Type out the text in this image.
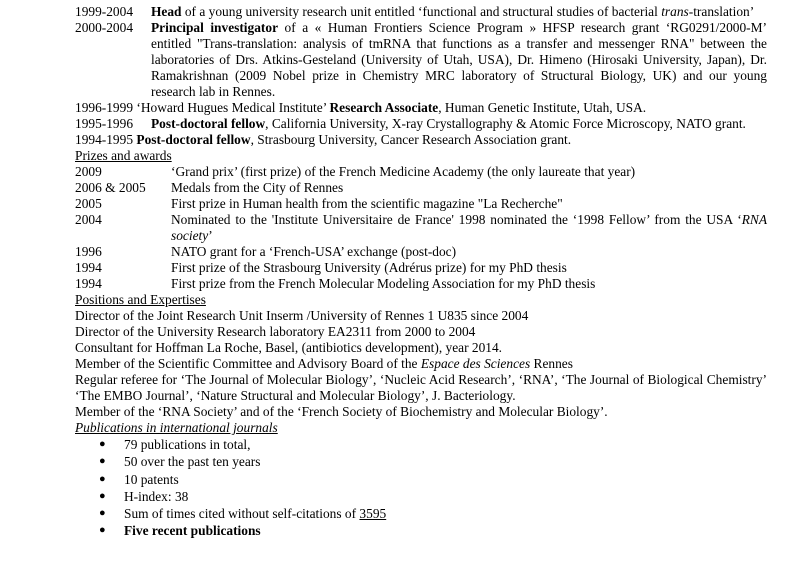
1999-2004	Head of a young university research unit entitled ‘functional and structural studies of bacterial trans-translation’
2000-2004	Principal investigator of a « Human Frontiers Science Program » HFSP research grant ‘RG0291/2000-M’ entitled "Trans-translation: analysis of tmRNA that functions as a transfer and messenger RNA" between the laboratories of Drs. Atkins-Gesteland (University of Utah, USA), Dr. Himeno (Hirosaki University, Japan), Dr. Ramakrishnan (2009 Nobel prize in Chemistry MRC laboratory of Structural Biology, UK) and our young research lab in Rennes.
1996-1999 ‘Howard Hugues Medical Institute’ Research Associate, Human Genetic Institute, Utah, USA.
1995-1996	Post-doctoral fellow, California University, X-ray Crystallography & Atomic Force Microscopy, NATO grant.
1994-1995 Post-doctoral fellow, Strasbourg University, Cancer Research Association grant.
Prizes and awards
2009	‘Grand prix’ (first prize) of the French Medicine Academy (the only laureate that year)
2006 & 2005	Medals from the City of Rennes
2005	First prize in Human health from the scientific magazine "La Recherche"
2004	Nominated to the 'Institute Universitaire de France' 1998 nominated the ‘1998 Fellow’ from the USA ‘RNA society’
1996	NATO grant for a ‘French-USA’ exchange (post-doc)
1994	First prize of the Strasbourg University (Adrérus prize) for my PhD thesis
1994	First prize from the French Molecular Modeling Association for my PhD thesis
Positions and Expertises
Director of the Joint Research Unit Inserm /University of Rennes 1 U835 since 2004
Director of the University Research laboratory EA2311 from 2000 to 2004
Consultant for Hoffman La Roche, Basel, (antibiotics development), year 2014.
Member of the Scientific Committee and Advisory Board of the Espace des Sciences Rennes
Regular referee for ‘The Journal of Molecular Biology’, ‘Nucleic Acid Research’, ‘RNA’, ‘The Journal of Biological Chemistry’ ‘The EMBO Journal’, ‘Nature Structural and Molecular Biology’, J. Bacteriology.
Member of the ‘RNA Society’ and of the ‘French Society of Biochemistry and Molecular Biology’.
Publications in international journals
● 79 publications in total,
● 50 over the past ten years
● 10 patents
● H-index: 38
● Sum of times cited without self-citations of 3595
● Five recent publications
